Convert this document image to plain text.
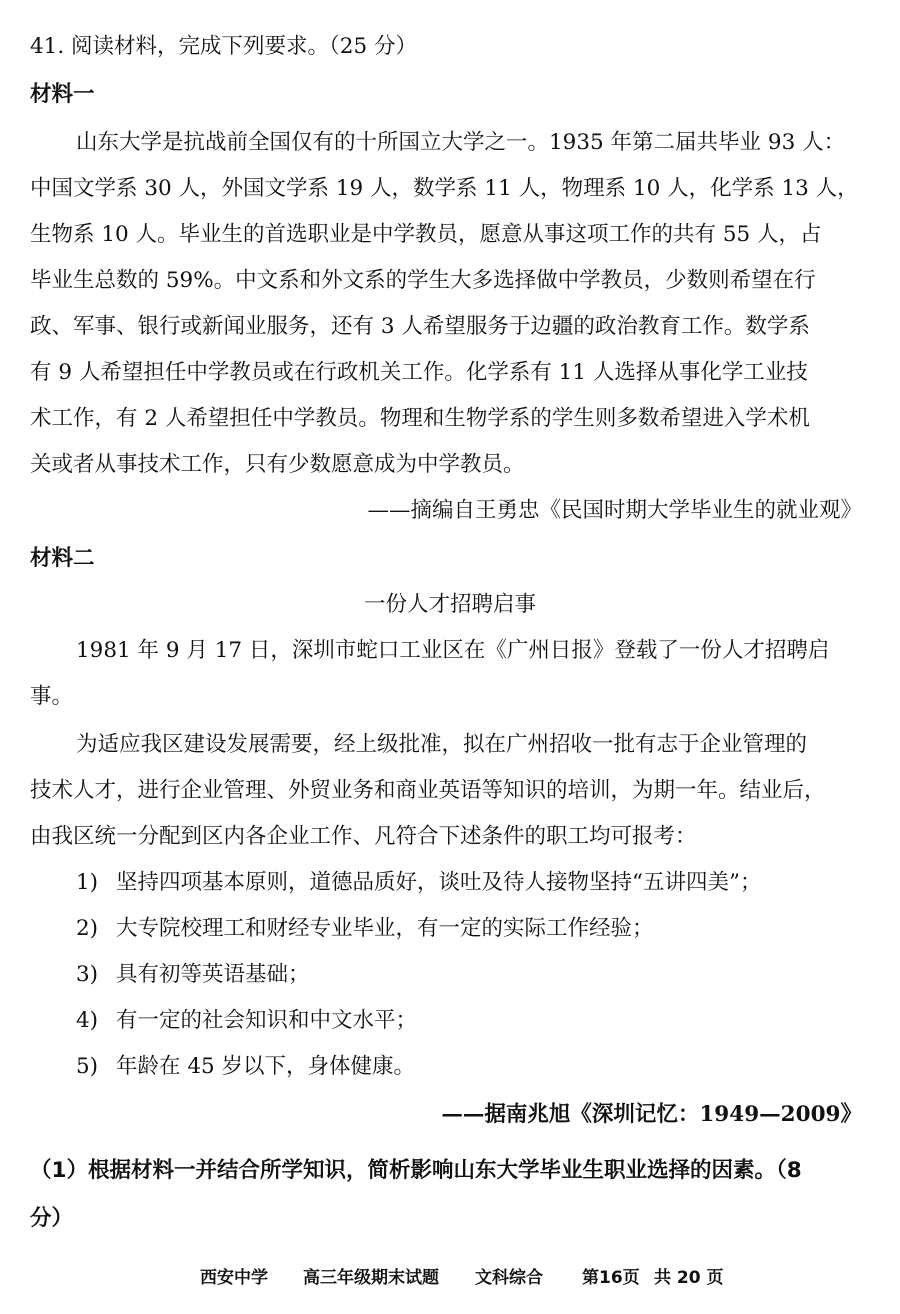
41. 阅读材料，完成下列要求。（25 分）
材料一
山东大学是抗战前全国仅有的十所国立大学之一。1935 年第二届共毕业 93 人：
中国文学系 30 人，外国文学系 19 人，数学系 11 人，物理系 10 人，化学系 13 人，
生物系 10 人。毕业生的首选职业是中学教员，愿意从事这项工作的共有 55 人，占
毕业生总数的 59%。中文系和外文系的学生大多选择做中学教员，少数则希望在行
政、军事、银行或新闻业服务，还有 3 人希望服务于边疆的政治教育工作。数学系
有 9 人希望担任中学教员或在行政机关工作。化学系有 11 人选择从事化学工业技
术工作，有 2 人希望担任中学教员。物理和生物学系的学生则多数希望进入学术机
关或者从事技术工作，只有少数愿意成为中学教员。
——摘编自王勇忠《民国时期大学毕业生的就业观》
材料二
一份人才招聘启事
1981 年 9 月 17 日，深圳市蛇口工业区在《广州日报》登载了一份人才招聘启
事。
为适应我区建设发展需要，经上级批准，拟在广州招收一批有志于企业管理的
技术人才，进行企业管理、外贸业务和商业英语等知识的培训，为期一年。结业后，
由我区统一分配到区内各企业工作、凡符合下述条件的职工均可报考：
1) 坚持四项基本原则，道德品质好，谈吐及待人接物坚持“五讲四美”；
2) 大专院校理工和财经专业毕业，有一定的实际工作经验；
3) 具有初等英语基础；
4) 有一定的社会知识和中文水平；
5) 年龄在 45 岁以下，身体健康。
——据南兆旭《深圳记忆：1949—2009》
（1）根据材料一并结合所学知识，简析影响山东大学毕业生职业选择的因素。（8
分）
西安中学 高三年级期末试题 文科综合 第16页 共 20 页
